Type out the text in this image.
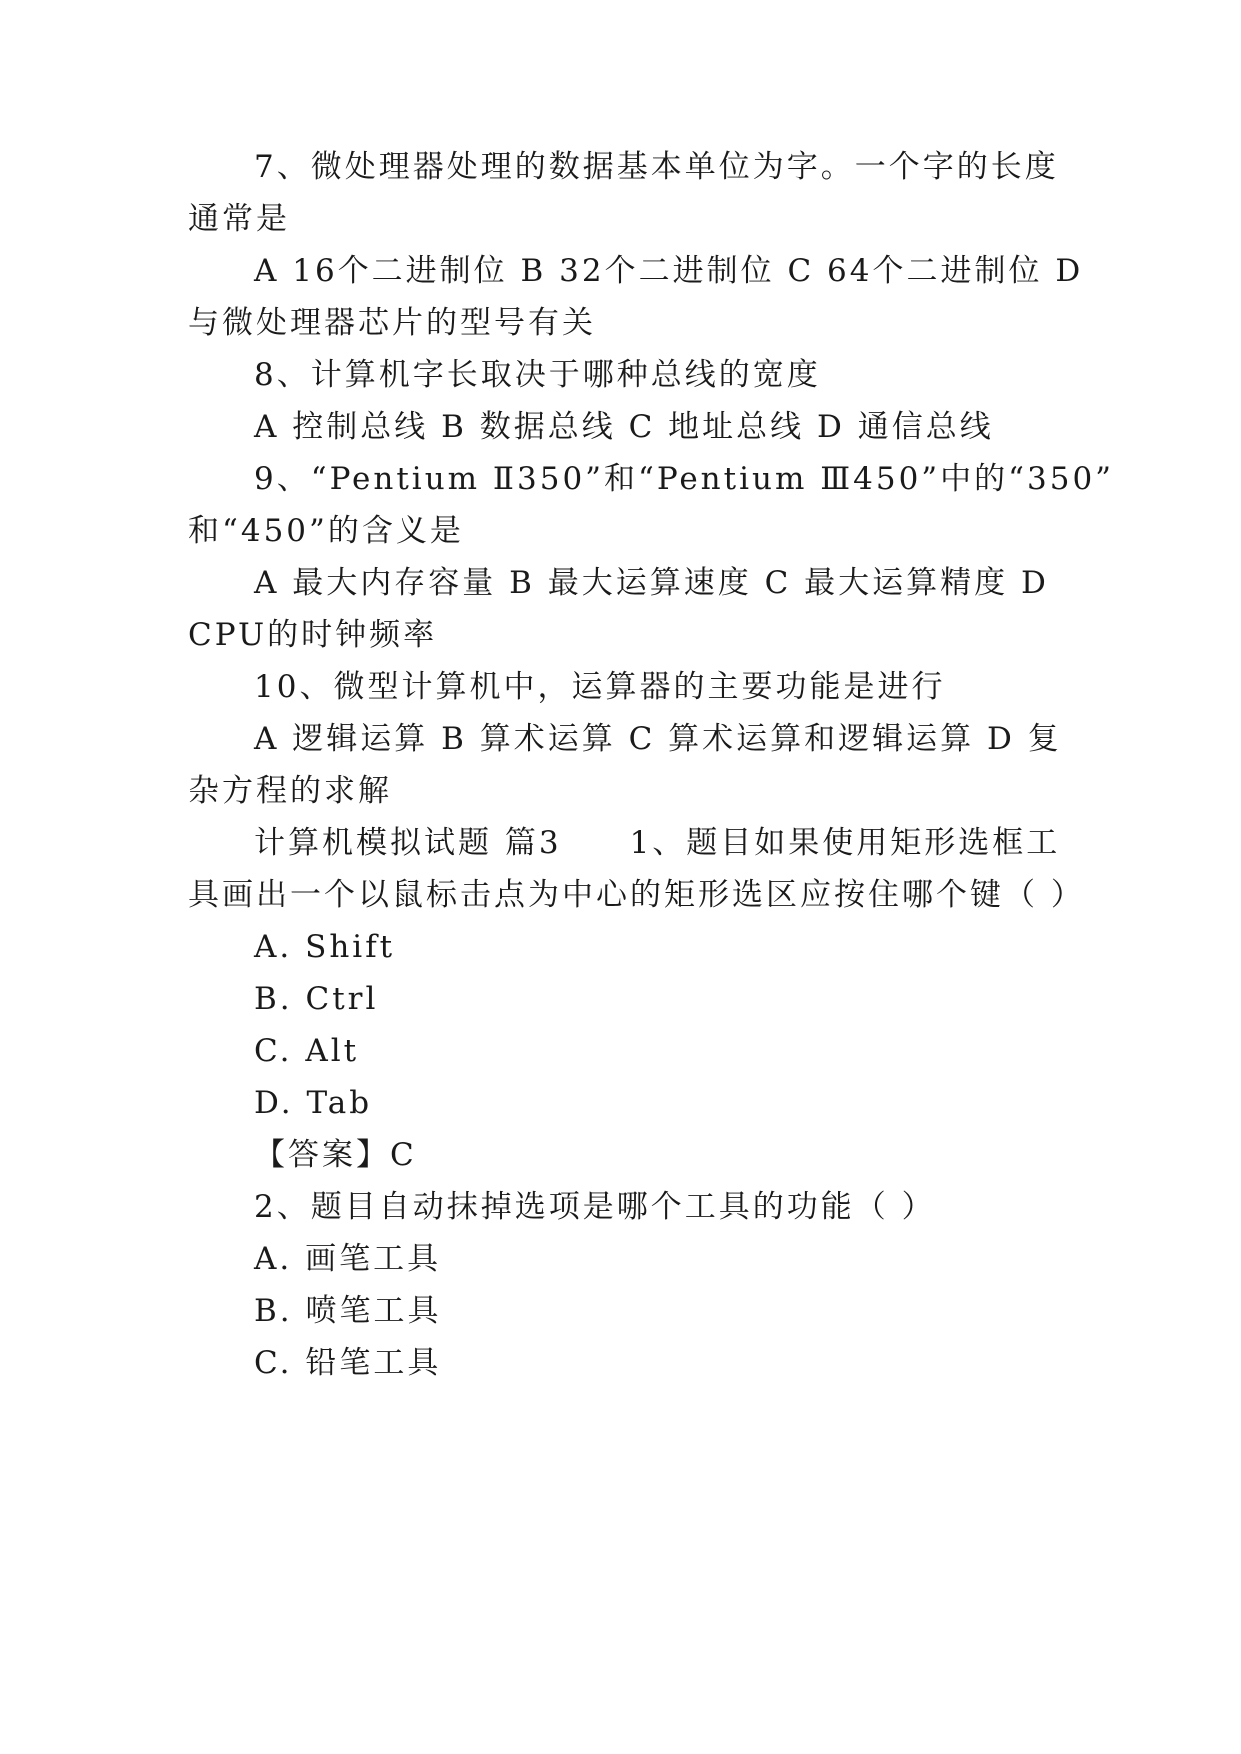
7、微处理器处理的数据基本单位为字。一个字的长度
通常是
A 16个二进制位 B 32个二进制位 C 64个二进制位 D
与微处理器芯片的型号有关
8、计算机字长取决于哪种总线的宽度
A 控制总线 B 数据总线 C 地址总线 D 通信总线
9、“Pentium Ⅱ350”和“Pentium Ⅲ450”中的“350”
和“450”的含义是
A 最大内存容量 B 最大运算速度 C 最大运算精度 D
CPU的时钟频率
10、微型计算机中，运算器的主要功能是进行
A 逻辑运算 B 算术运算 C 算术运算和逻辑运算 D 复
杂方程的求解
计算机模拟试题 篇3　　1、题目如果使用矩形选框工
具画出一个以鼠标击点为中心的矩形选区应按住哪个键（ ）
A. Shift
B. Ctrl
C. Alt
D. Tab
【答案】C
2、题目自动抹掉选项是哪个工具的功能（ ）
A. 画笔工具
B. 喷笔工具
C. 铅笔工具
